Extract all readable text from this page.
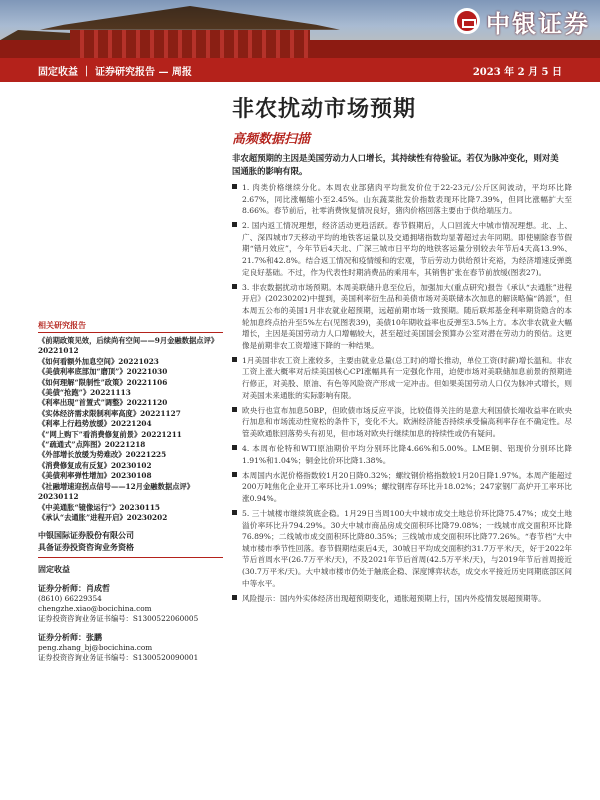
中银证券
固定收益 ｜ 证券研究报告 — 周报	2023 年 2 月 5 日
非农扰动市场预期
高频数据扫描
非农超预期的主因是美国劳动力人口增长，其持续性有待验证。若仅为脉冲变化，则对美国通胀的影响有限。
1. 肉类价格继续分化。本周农业部猪肉平均批发价位于22-23元/公斤区间波动，平均环比降2.67%，同比涨幅缩小至2.45%。山东蔬菜批发价指数表现环比降7.39%，但同比涨幅扩大至8.66%。春节前后，社零消费恢复情况良好，猪肉价格回落主要由于供给端压力。
2. 国内返工情况理想，经济活动更趋活跃。春节假期后，人口回流大中城市情况理想。北、上、广、深四城市7天移动平均的地铁客运量以及交通拥堵指数均显著超过去年同期。即使剔除春节假期“错月效应”，今年节后4天北、广深三城市日平均的地铁客运量分别较去年节后4天高13.9%、21.7%和42.8%。结合返工情况和疫情缓和的宏观，节后劳动力供给预计充裕，为经济增速反弹奠定良好基础。不过，作为代表性时期消费品的乘用车，其销售扩张在春节前放缓(图表27)。
3. 非农数据扰动市场预期。本周美联储升息至位后，加强加大(重点研究)报告《承认“去通胀”进程开启》(20230202)中提到，美国利率衍生品和美债市场对美联储本次加息的解读略偏“鸽派”，但本周五公布的美国1月非农就业超预期，远超前期市场一致预期。随后联邦基金利率期货隐含的本轮加息终点抬升至5%左右(见图表39)，美债10年期收益率也反弹至3.5%上方。本次非农就业大幅增长，主因是美国劳动力人口增幅较大，甚至超过美国国会预算办公室对潜在劳动力的预估。这更像是前期非农工资增速下降的一种结果。
1月美国非农工资上涨较多，主要由就业总量(总工时)的增长推动，单位工资(时薪)增长温和。非农工资上涨大概率对后续美国核心CPI涨幅具有一定强化作用，迫使市场对美联储加息前景的预期进行修正，对美股、原油、有色等风险资产形成一定冲击。但如果美国劳动人口仅为脉冲式增长，则对美国未来通胀的实际影响有限。
欧央行也宣布加息50BP，但欧债市场反应平淡，比较值得关注的是意大利国债长端收益率在欧央行加息和市场流动性宽松的条件下，变化不大。欧洲经济能否持续承受偏高利率存在不确定性。尽管美欧通胀回落势头有初见，但市场对欧央行继续加息的持续性或仍有疑问。
4. 本周布伦特和WTI原油期价平均分别环比降4.66%和5.00%。LME铜、铝现价分别环比降1.91%和1.04%；铜金比价环比降1.38%。
本周国内水泥价格指数较1月20日降0.32%；螺纹钢价格指数较1月20日降1.97%。本周产能超过200万吨焦化企业开工率环比升1.09%；螺纹钢库存环比升18.02%；247家钢厂高炉开工率环比涨0.94%。
5. 三十城楼市继续筑底企稳。1月29日当周100大中城市成交土地总价环比降75.47%；成交土地溢价率环比升794.29%。30大中城市商品房成交面积环比降79.08%；一线城市成交面积环比降76.89%；二线城市成交面积环比降80.35%；三线城市成交面积环比降77.26%。“春节档”大中城市楼市季节性回落。春节假期结束后4天，30城日平均成交面积约31.7万平米/天，好于2022年节后首周水平(26.7万平米/天)，不及2021年节后首周(42.5万平米/天)，与2019年节后首周接近(30.7万平米/天)。大中城市楼市仍处于触底企稳、深度博弈状态，成交水平接近历史同期底部区间中等水平。
风险提示：国内外实体经济出现超预期变化，通胀超预期上行，国内外疫情发展超预期等。
相关研究报告
《前期政策见效，后续尚有空间——9月金融数据点评》20221012
《如何看额外加息空间》20221023
《美债利率底部加“磨顶”》20221030
《如何理解“限制性”政策》20221106
《美债“抢跑”》20221113
《利率出现“首置式”调整》20221120
《实体经济需求限制利率高度》20221127
《利率上行趋势放缓》20221204
《“网上购下”看消费修复前景》20221211
《“疏通式”点阵图》20221218
《外部增长放缓为势难改》20221225
《消费修复成有反复》20230102
《美债利率弹性增加》20230108
《社融增速迎拐点信号——12月金融数据点评》20230112
《中美通胀“镜像运行”》20230115
《承认“去通胀”进程开启》20230202
中银国际证券股份有限公司
具备证券投资咨询业务资格
固定收益
证券分析师：肖成哲
(8610) 66229354
chengzhe.xiao@bocichina.com
证券投资咨询业务证书编号：S1300522060005
证券分析师：张鹏
peng.zhang_bj@bocichina.com
证券投资咨询业务证书编号：S1300520090001
